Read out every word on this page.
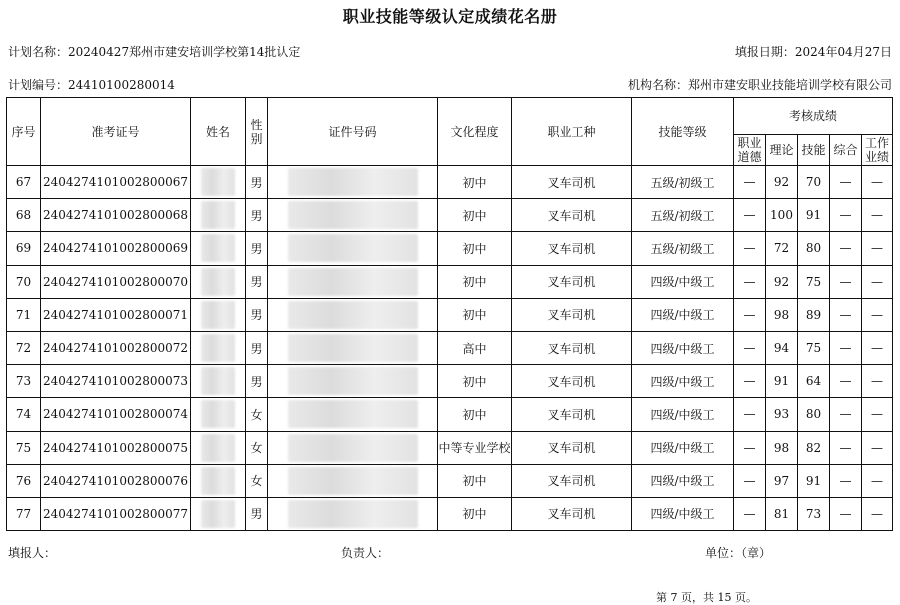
职业技能等级认定成绩花名册
计划名称：20240427郑州市建安培训学校第14批认定	填报日期：2024年04月27日
计划编号：24410100280014	机构名称：郑州市建安职业技能培训学校有限公司
序号	准考证号	姓名	性别	证件号码	文化程度	职业工种	技能等级	考核成绩				
								职业道德	理论	技能	综合	工作业绩
67	2404274101002800067		男		初中	叉车司机	五级/初级工	—	92	70	—	—
68	2404274101002800068		男		初中	叉车司机	五级/初级工	—	100	91	—	—
69	2404274101002800069		男		初中	叉车司机	五级/初级工	—	72	80	—	—
70	2404274101002800070		男		初中	叉车司机	四级/中级工	—	92	75	—	—
71	2404274101002800071		男		初中	叉车司机	四级/中级工	—	98	89	—	—
72	2404274101002800072		男		高中	叉车司机	四级/中级工	—	94	75	—	—
73	2404274101002800073		男		初中	叉车司机	四级/中级工	—	91	64	—	—
74	2404274101002800074		女		初中	叉车司机	四级/中级工	—	93	80	—	—
75	2404274101002800075		女		中等专业学校	叉车司机	四级/中级工	—	98	82	—	—
76	2404274101002800076		女		初中	叉车司机	四级/中级工	—	97	91	—	—
77	2404274101002800077		男		初中	叉车司机	四级/中级工	—	81	73	—	—
填报人：	负责人：	单位：（章）
第 7 页，共 15 页。
